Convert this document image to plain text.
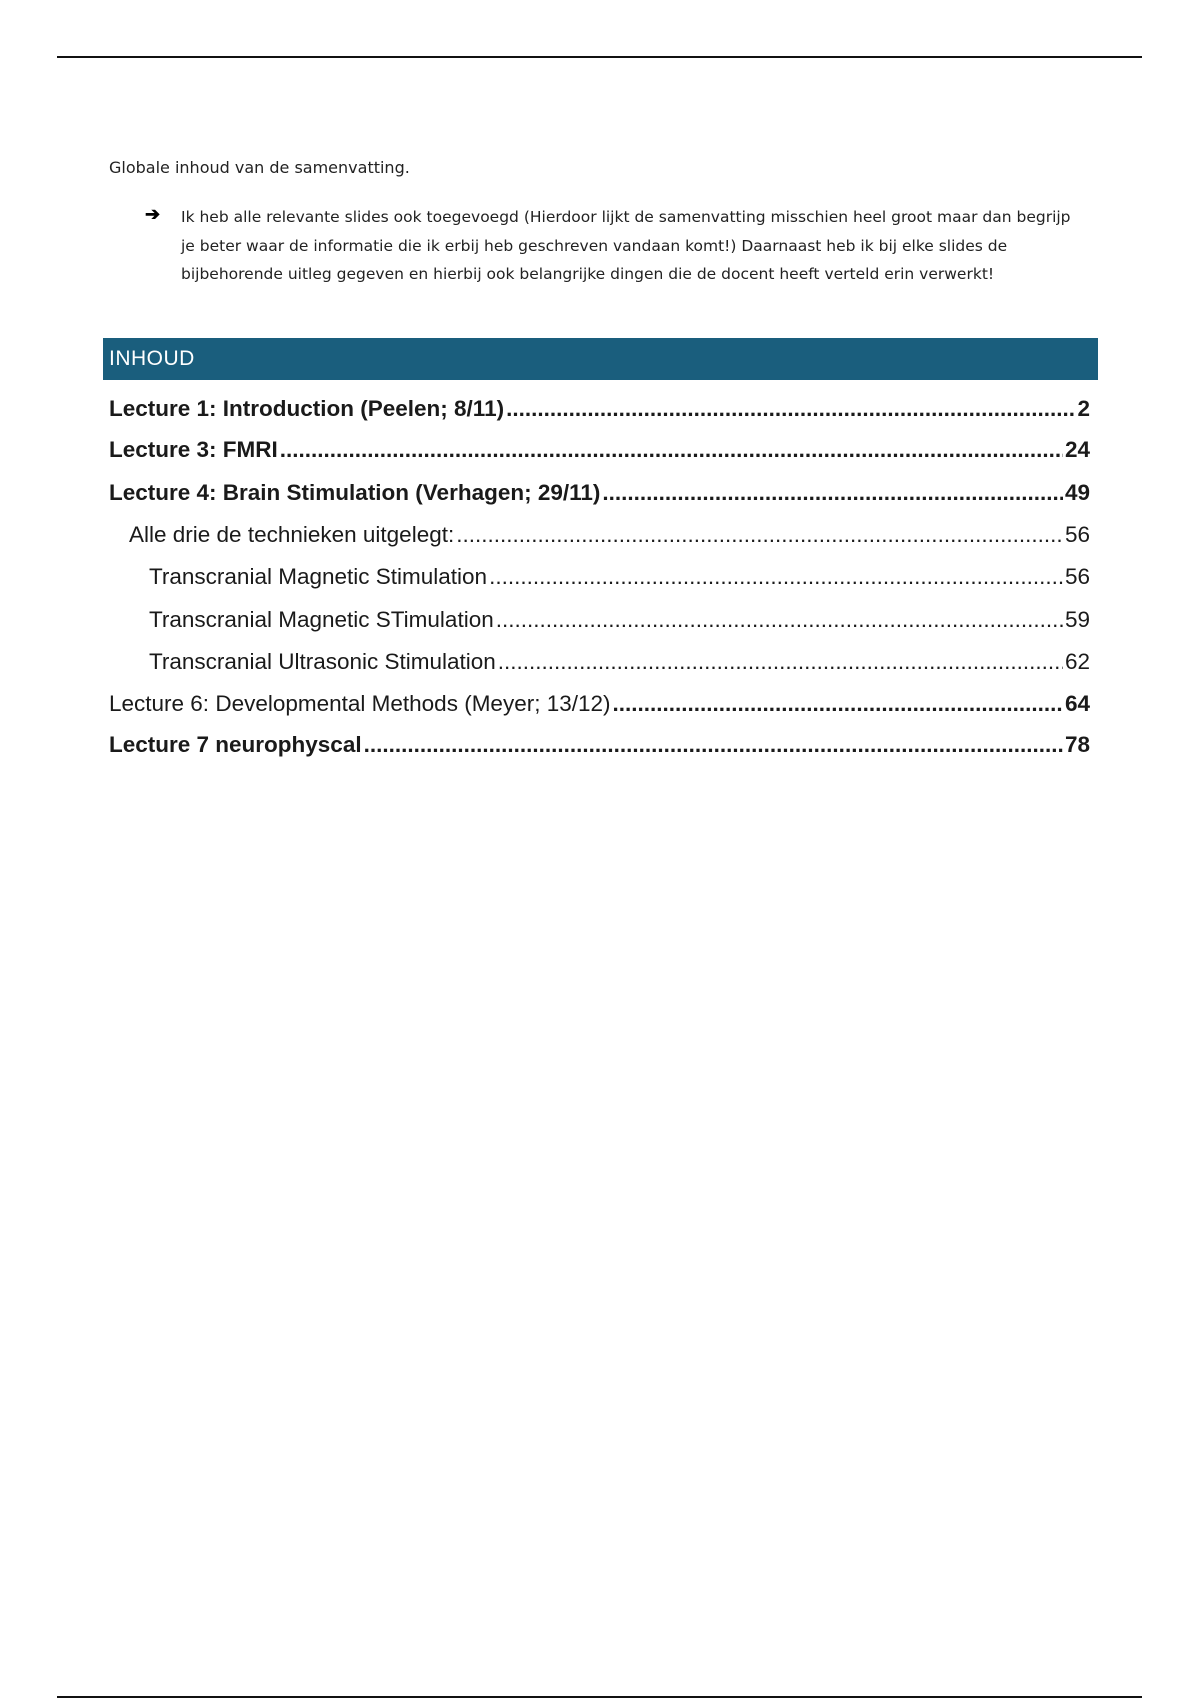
Globale inhoud van de samenvatting.
➔ Ik heb alle relevante slides ook toegevoegd (Hierdoor lijkt de samenvatting misschien heel groot maar dan begrijp je beter waar de informatie die ik erbij heb geschreven vandaan komt!) Daarnaast heb ik bij elke slides de bijbehorende uitleg gegeven en hierbij ook belangrijke dingen die de docent heeft verteld erin verwerkt!
INHOUD
Lecture 1: Introduction (Peelen; 8/11) .....	2
Lecture 3: FMRI .....	24
Lecture 4: Brain Stimulation (Verhagen; 29/11) .....	49
Alle drie de technieken uitgelegt: .....	56
Transcranial Magnetic Stimulation .....	56
Transcranial Magnetic STimulation .....	59
Transcranial Ultrasonic Stimulation .....	62
Lecture 6: Developmental Methods (Meyer; 13/12) .....	64
Lecture 7 neurophyscal .....	78
